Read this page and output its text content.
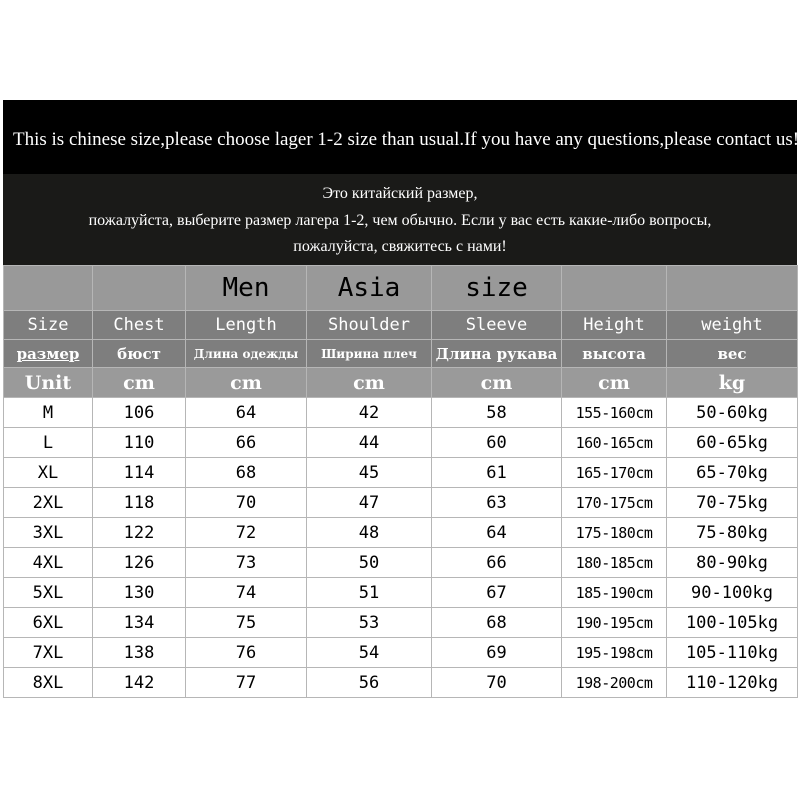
This is chinese size,please choose lager 1-2 size than usual.If you have any questions,please contact us!
Это китайский размер,
пожалуйста, выберите размер лагера 1-2, чем обычно. Если у вас есть какие-либо вопросы,
пожалуйста, свяжитесь с нами!
		Men	Asia	size		
Size	Chest	Length	Shoulder	Sleeve	Height	weight
размер	бюст	Длина одежды	Ширина плеч	Длина рукава	высота	вес
Unit	cm	cm	cm	cm	cm	kg
M	106	64	42	58	155-160cm	50-60kg
L	110	66	44	60	160-165cm	60-65kg
XL	114	68	45	61	165-170cm	65-70kg
2XL	118	70	47	63	170-175cm	70-75kg
3XL	122	72	48	64	175-180cm	75-80kg
4XL	126	73	50	66	180-185cm	80-90kg
5XL	130	74	51	67	185-190cm	90-100kg
6XL	134	75	53	68	190-195cm	100-105kg
7XL	138	76	54	69	195-198cm	105-110kg
8XL	142	77	56	70	198-200cm	110-120kg
